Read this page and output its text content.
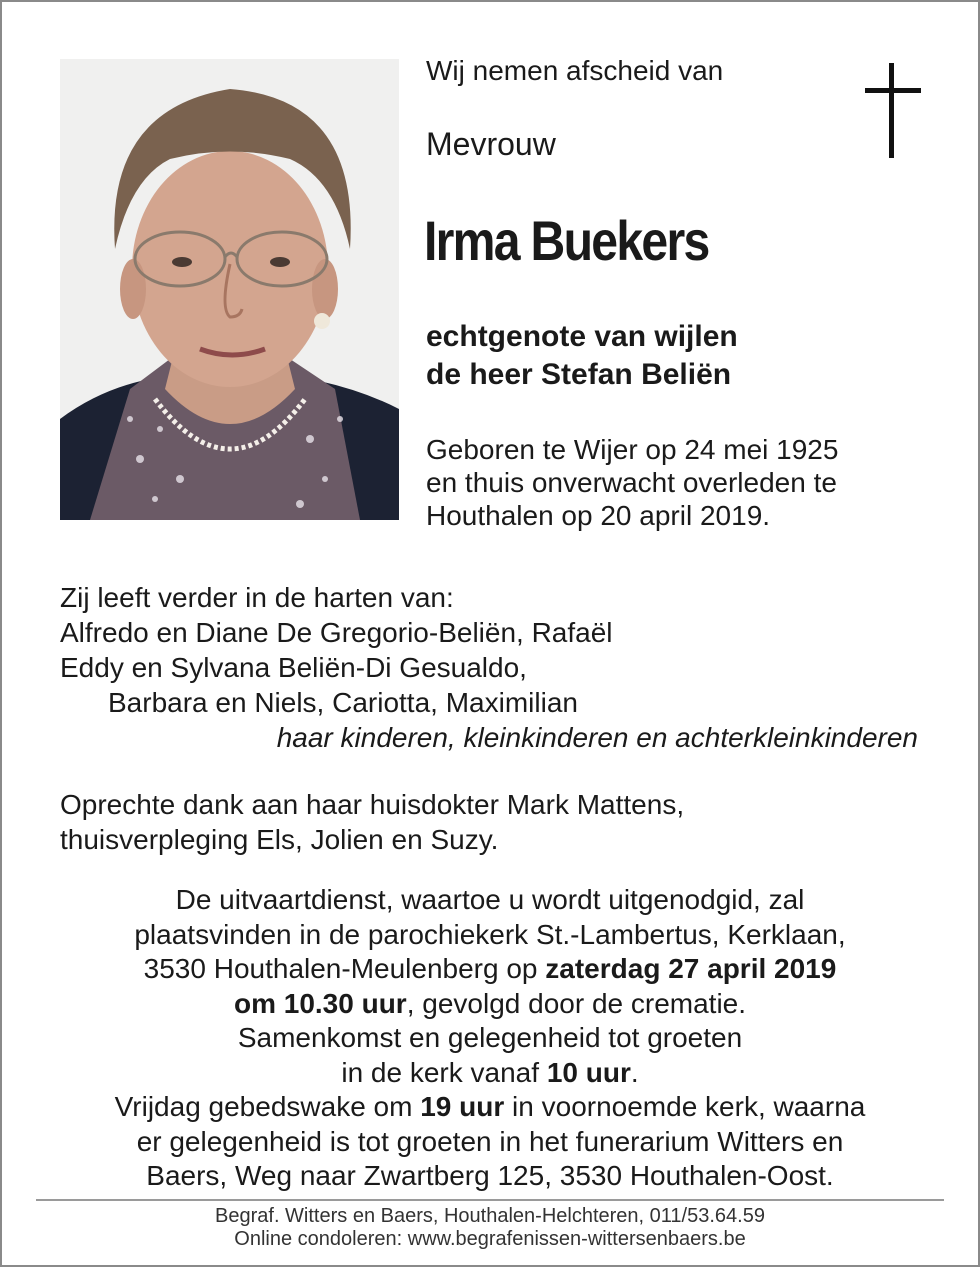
Wij nemen afscheid van
Mevrouw
Irma Buekers
echtgenote van wijlen
de heer Stefan Beliën
Geboren te Wijer op 24 mei 1925
en thuis onverwacht overleden te
Houthalen op 20 april 2019.
Zij leeft verder in de harten van:
Alfredo en Diane De Gregorio-Beliën, Rafaël
Eddy en Sylvana Beliën-Di Gesualdo,
Barbara en Niels, Cariotta, Maximilian
haar kinderen, kleinkinderen en achterkleinkinderen
Oprechte dank aan haar huisdokter Mark Mattens,
thuisverpleging Els, Jolien en Suzy.
De uitvaartdienst, waartoe u wordt uitgenodgid, zal
plaatsvinden in de parochiekerk St.-Lambertus, Kerklaan,
3530 Houthalen-Meulenberg op zaterdag 27 april 2019
om 10.30 uur, gevolgd door de crematie.
Samenkomst en gelegenheid tot groeten
in de kerk vanaf 10 uur.
Vrijdag gebedswake om 19 uur in voornoemde kerk, waarna
er gelegenheid is tot groeten in het funerarium Witters en
Baers, Weg naar Zwartberg 125, 3530 Houthalen-Oost.
Begraf. Witters en Baers, Houthalen-Helchteren, 011/53.64.59
Online condoleren: www.begrafenissen-wittersenbaers.be
